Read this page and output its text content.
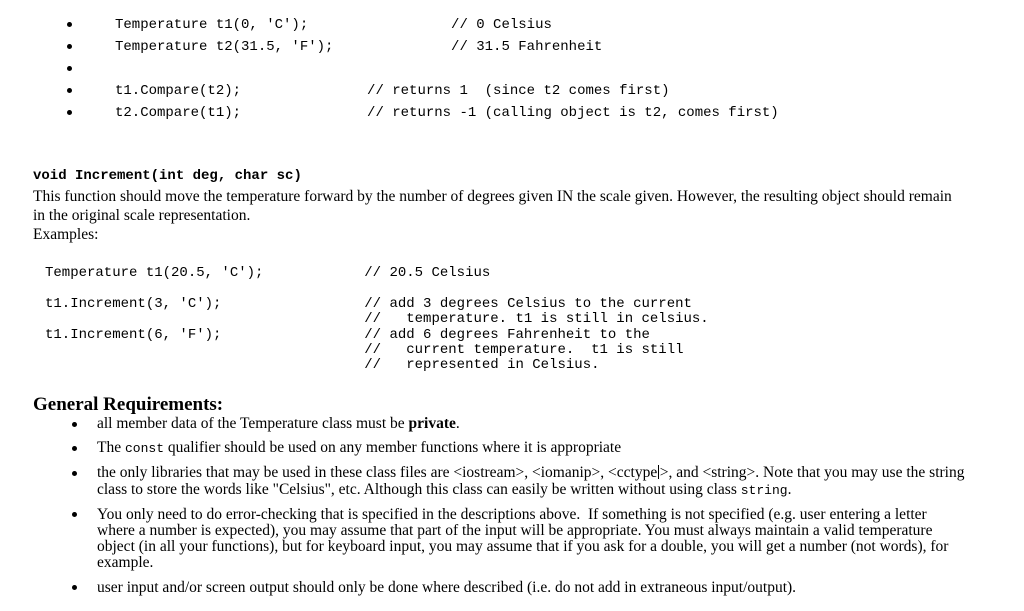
Temperature t1(0, 'C');                 // 0 Celsius
Temperature t2(31.5, 'F');              // 31.5 Fahrenheit
t1.Compare(t2);               // returns 1  (since t2 comes first)
t2.Compare(t1);               // returns -1 (calling object is t2, comes first)
void Increment(int deg, char sc)
This function should move the temperature forward by the number of degrees given IN the scale given. However, the resulting object should remain in the original scale representation.
Examples:
Temperature t1(20.5, 'C');            // 20.5 Celsius
t1.Increment(3, 'C');                 // add 3 degrees Celsius to the current
//   temperature. t1 is still in celsius.
t1.Increment(6, 'F');                 // add 6 degrees Fahrenheit to the
//   current temperature.  t1 is still
//   represented in Celsius.
General Requirements:
all member data of the Temperature class must be private.
The const qualifier should be used on any member functions where it is appropriate
the only libraries that may be used in these class files are <iostream>, <iomanip>, <cctype >, and <string>. Note that you may use the string class to store the words like "Celsius", etc. Although this class can easily be written without using class string.
You only need to do error-checking that is specified in the descriptions above.  If something is not specified (e.g. user entering a letter where a number is expected), you may assume that part of the input will be appropriate. You must always maintain a valid temperature object (in all your functions), but for keyboard input, you may assume that if you ask for a double, you will get a number (not words), for example.
user input and/or screen output should only be done where described (i.e. do not add in extraneous input/output).
